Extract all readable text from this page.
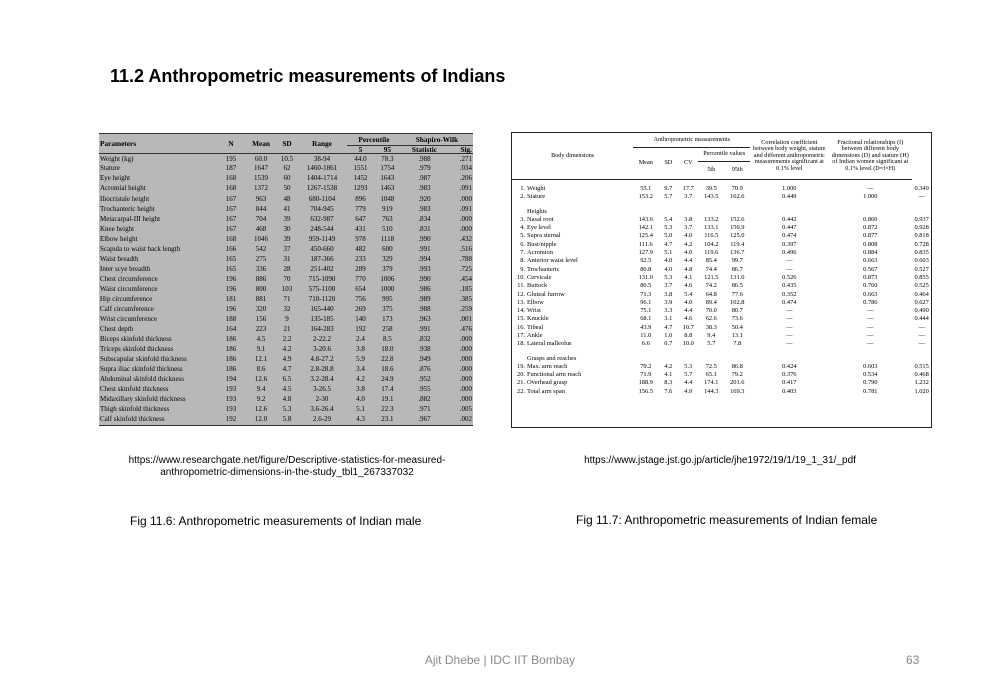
11.2 Anthropometric measurements of Indians
Parameters	N	Mean	SD	Range	Percentile		Shapiro-Wilk	
					5	95	Statistic	Sig.
Weight (kg)	195	60.0	10.5	38-94	44.0	78.3	.988	.271
Stature	187	1647	62	1460-1861	1551	1754	.979	.034
Eye height	168	1539	60	1404-1714	1452	1643	.987	.206
Acromial height	168	1372	50	1267-1538	1293	1463	.983	.091
Iliocristale height	167	963	48	680-1104	896	1048	.920	.000
Trochanteric height	167	844	41	704-945	779	919	.983	.091
Metacarpal-III height	167	704	39	632-987	647	763	.834	.000
Knee height	167	468	30	248-544	431	510	.831	.000
Elbow height	168	1046	39	959-1149	978	1118	.990	.432
Scapula to waist back length	166	542	37	450-660	482	600	.991	.516
Waist breadth	165	275	31	187-366	233	329	.994	.788
Inter scye breadth	165	336	28	251-402	289	379	.993	.725
Chest circumference	196	886	70	715-1090	770	1006	.990	.454
Waist circumference	196	800	103	575-1100	654	1000	.986	.185
Hip circumference	181	881	71	710-1120	756	995	.989	.385
Calf circumference	196	320	32	165-440	269	375	.988	.259
Wrist circumference	188	156	9	135-185	140	173	.963	.001
Chest depth	164	223	21	164-283	192	258	.991	.476
Biceps skinfold thickness	186	4.5	2.2	2-22.2	2.4	8.5	.832	.000
Triceps skinfold thickness	186	9.1	4.2	3-20.6	3.8	18.0	.938	.000
Subscapular skinfold thickness	186	12.1	4.9	4.8-27.2	5.9	22.8	.949	.000
Supra iliac skinfold thickness	186	8.6	4.7	2.8-28.8	3.4	18.6	.876	.000
Abdominal skinfold thickness	194	12.6	6.5	3.2-28.4	4.2	24.9	.952	.000
Chest skinfold thickness	193	9.4	4.5	3-26.5	3.8	17.4	.955	.000
Midaxillary skinfold thickness	193	9.2	4.8	2-30	4.0	19.1	.882	.000
Thigh skinfold thickness	193	12.6	5.3	3.6-26.4	5.1	22.3	.971	.005
Calf skinfold thickness	192	12.0	5.8	2.6-29	4.3	23.1	.967	.002
Body dimensions		Anthropometric measurements					Correlation coefficient between body weight, stature and different anthropometric measurements significant at 0.1% level	Fractional relationships (f) between different body dimensions (D) and stature (H) of Indian women significant at 0.1% level (D=f×H)	
		Mean	SD	CV	Percentile values				
					5th	95th			

1.	Weight	55.1	9.7	17.7	39.5	70.9	1.000	—	0.349
2.	Stature	153.2	5.7	3.7	143.5	162.6	0.449	1.000	—

	Heights								
3.	Nasal root	143.6	5.4	3.8	133.2	152.6	0.442	0.860	0.937
4.	Eye level	142.1	5.3	3.7	133.1	150.9	0.447	0.872	0.928
5.	Supra sternal	125.4	5.0	4.0	116.5	125.0	0.474	0.877	0.818
6.	Bust/nipple	111.6	4.7	4.2	104.2	119.4	0.397	0.808	0.728
7.	Acromion	127.9	5.1	4.0	119.6	136.7	0.496	0.884	0.835
8.	Anterior waist level	92.5	4.0	4.4	85.4	99.7	—	0.663	0.603
9.	Trochanteric	80.8	4.0	4.8	74.4	86.7	—	0.567	0.527
10.	Cervicale	131.0	5.3	4.1	121.5	131.0	0.526	0.873	0.855
11.	Buttock	80.5	3.7	4.6	74.2	86.5	0.435	0.760	0.525
12.	Gluteal furrow	71.3	3.8	5.4	64.8	77.6	0.352	0.663	0.464
13.	Elbow	96.1	3.9	4.0	89.4	102.8	0.474	0.786	0.627
14.	Wrist	75.1	3.3	4.4	70.0	80.7	—	—	0.490
15.	Knuckle	68.1	3.1	4.6	62.6	73.6	—	—	0.444
16.	Tibeal	43.9	4.7	10.7	38.3	50.4	—	—	—
17.	Ankle	11.0	1.0	8.8	9.4	13.1	—	—	—
18.	Lateral malleolus	6.6	0.7	10.0	5.7	7.8	—	—	—

	Grasps and reaches								
19.	Max. arm reach	79.2	4.2	5.3	72.5	86.8	0.424	0.603	0.515
20.	Functional arm reach	71.9	4.1	5.7	65.1	79.2	0.376	0.534	0.468
21.	Overhead grasp	188.9	8.3	4.4	174.1	201.6	0.417	0.790	1.232
22.	Total arm span	156.5	7.6	4.9	144.3	169.3	0.403	0.781	1.020
https://www.researchgate.net/figure/Descriptive-statistics-for-measured-
anthropometric-dimensions-in-the-study_tbl1_267337032
https://www.jstage.jst.go.jp/article/jhe1972/19/1/19_1_31/_pdf
Fig 11.6: Anthropometric measurements of Indian male	Fig 11.7: Anthropometric measurements of Indian female
Ajit Dhebe | IDC IIT Bombay	63
